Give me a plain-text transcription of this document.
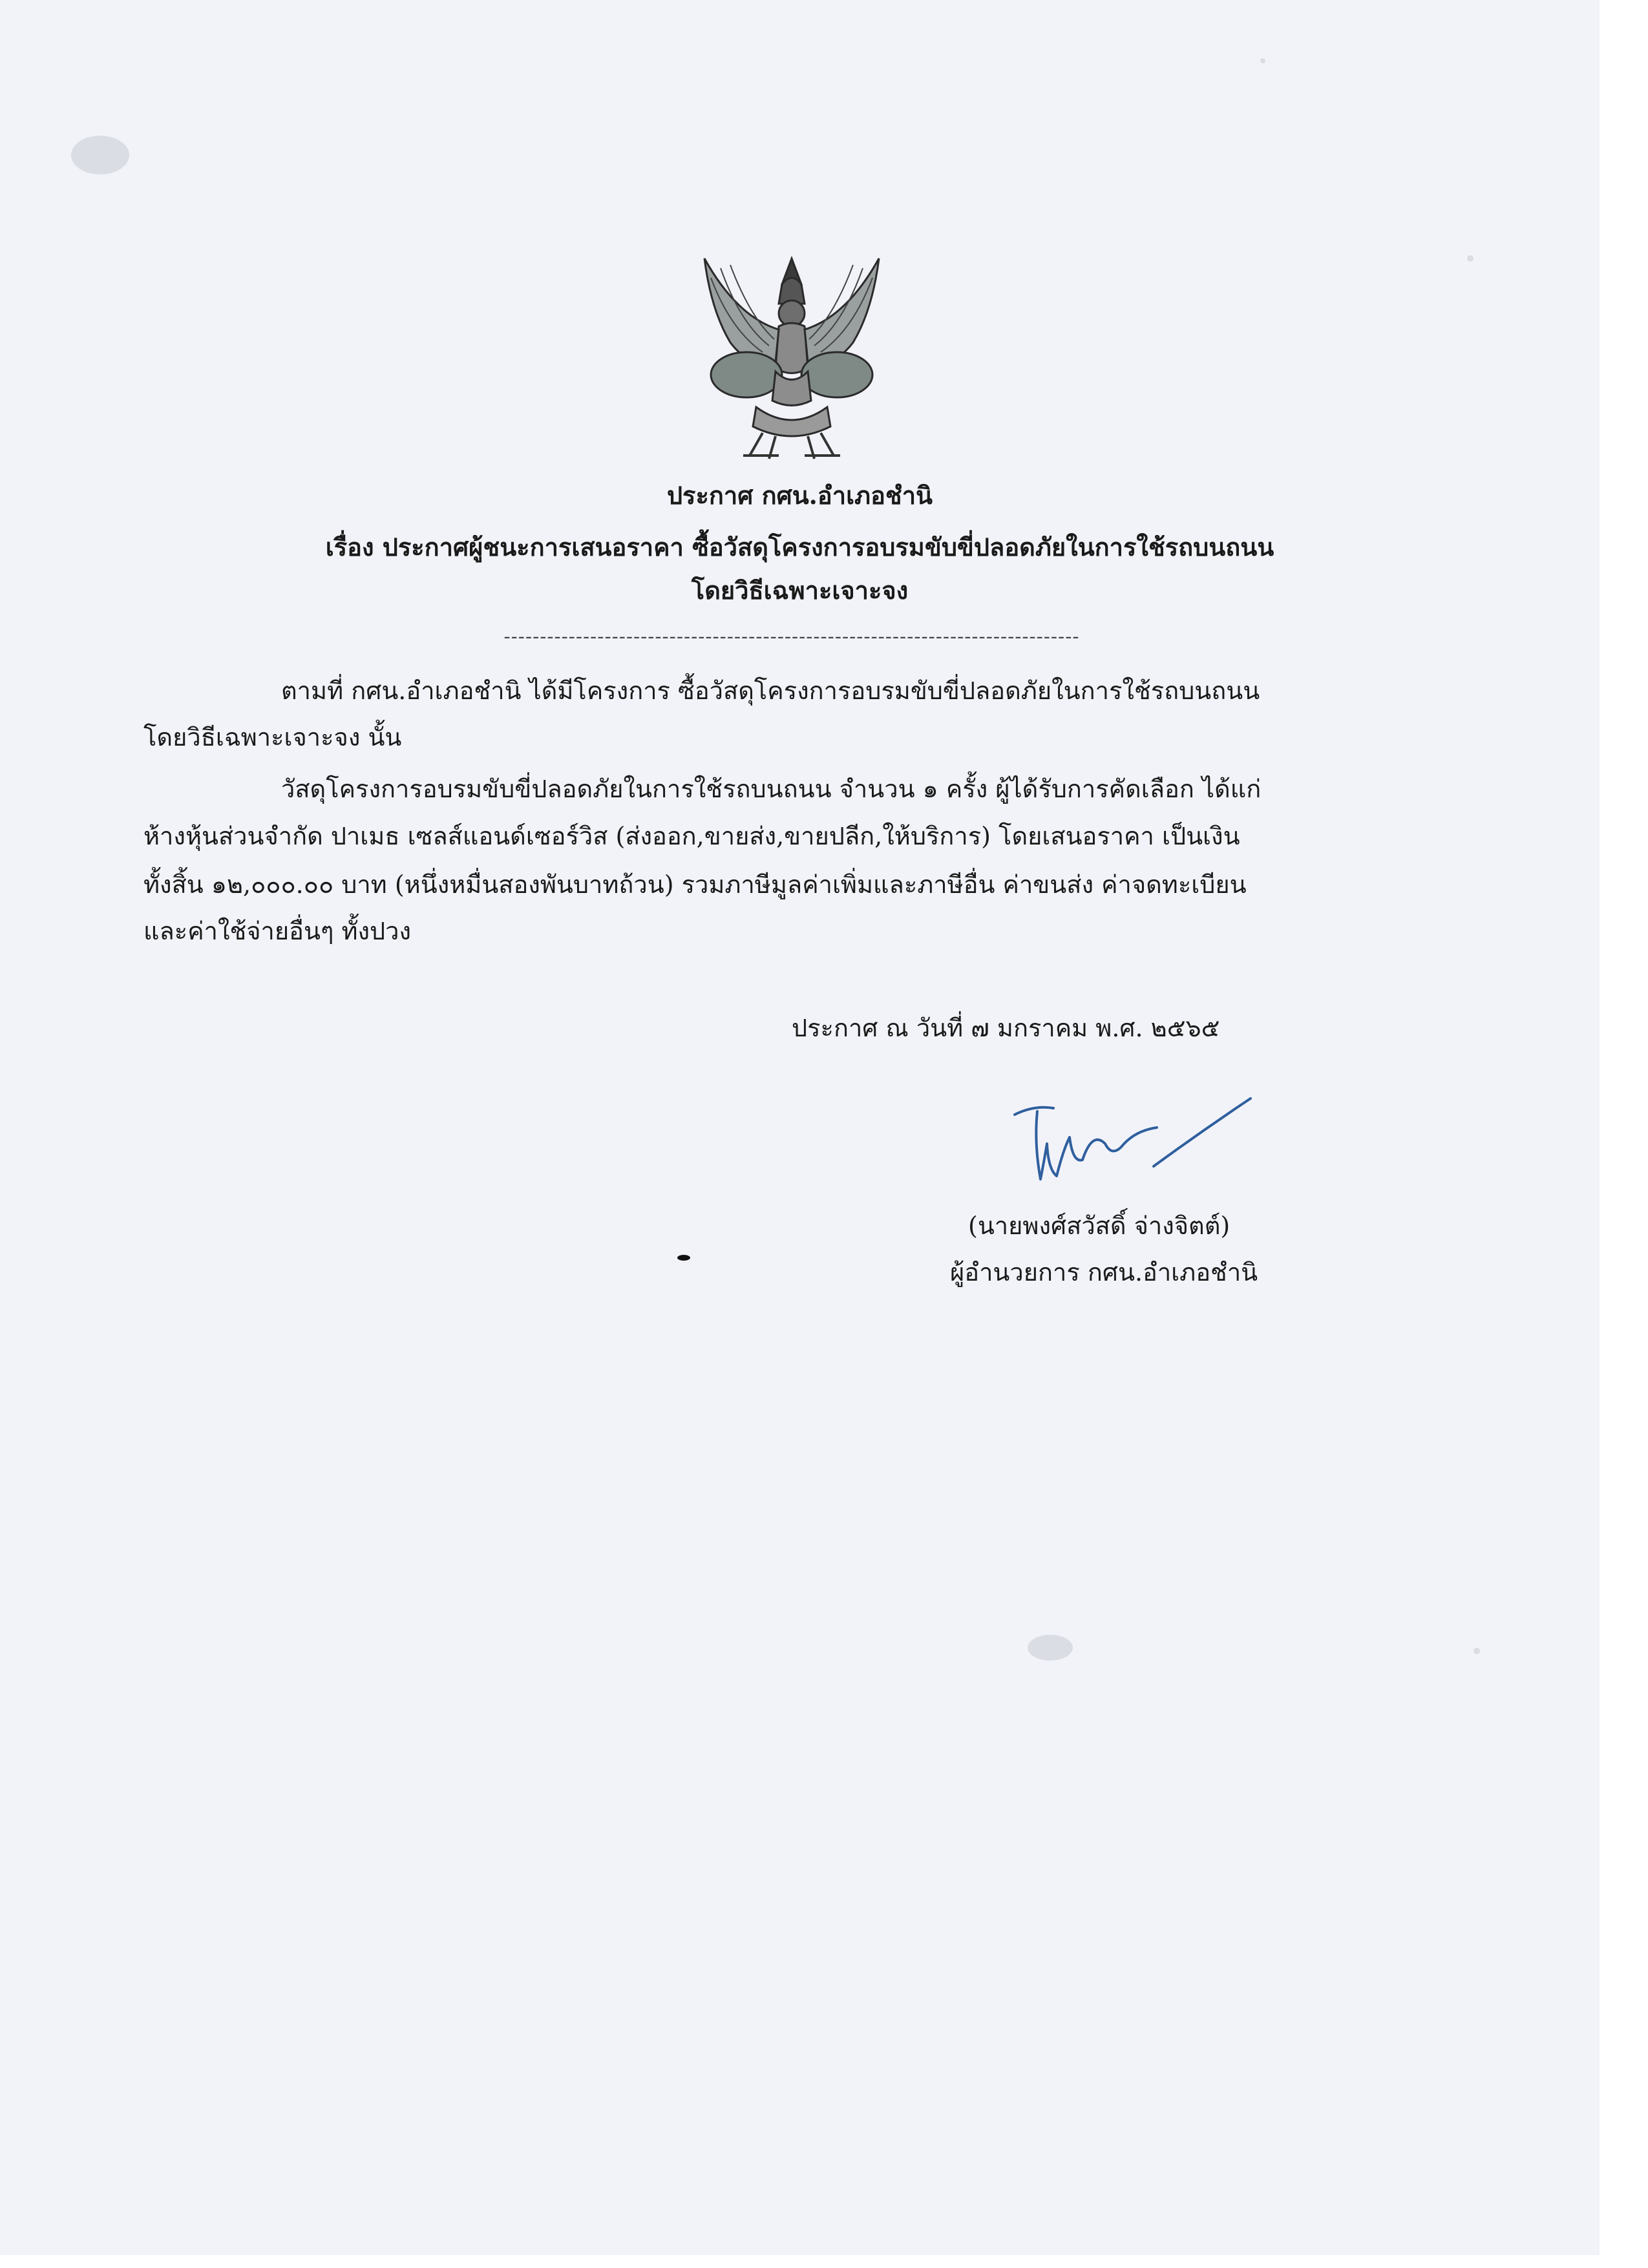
ประกาศ กศน.อำเภอชำนิ
เรื่อง ประกาศผู้ชนะการเสนอราคา ซื้อวัสดุโครงการอบรมขับขี่ปลอดภัยในการใช้รถบนถนน
โดยวิธีเฉพาะเจาะจง
--------------------------------------------------------------------------------
ตามที่ กศน.อำเภอชำนิ ได้มีโครงการ ซื้อวัสดุโครงการอบรมขับขี่ปลอดภัยในการใช้รถบนถนน
โดยวิธีเฉพาะเจาะจง นั้น
วัสดุโครงการอบรมขับขี่ปลอดภัยในการใช้รถบนถนน จำนวน ๑ ครั้ง ผู้ได้รับการคัดเลือก ได้แก่
ห้างหุ้นส่วนจำกัด ปาเมธ เซลส์แอนด์เซอร์วิส (ส่งออก,ขายส่ง,ขายปลีก,ให้บริการ) โดยเสนอราคา เป็นเงิน
ทั้งสิ้น ๑๒,๐๐๐.๐๐ บาท (หนึ่งหมื่นสองพันบาทถ้วน) รวมภาษีมูลค่าเพิ่มและภาษีอื่น ค่าขนส่ง ค่าจดทะเบียน
และค่าใช้จ่ายอื่นๆ ทั้งปวง
ประกาศ ณ วันที่ ๗ มกราคม พ.ศ. ๒๕๖๕
(นายพงศ์สวัสดิ์ จ่างจิตต์)
ผู้อำนวยการ กศน.อำเภอชำนิ
